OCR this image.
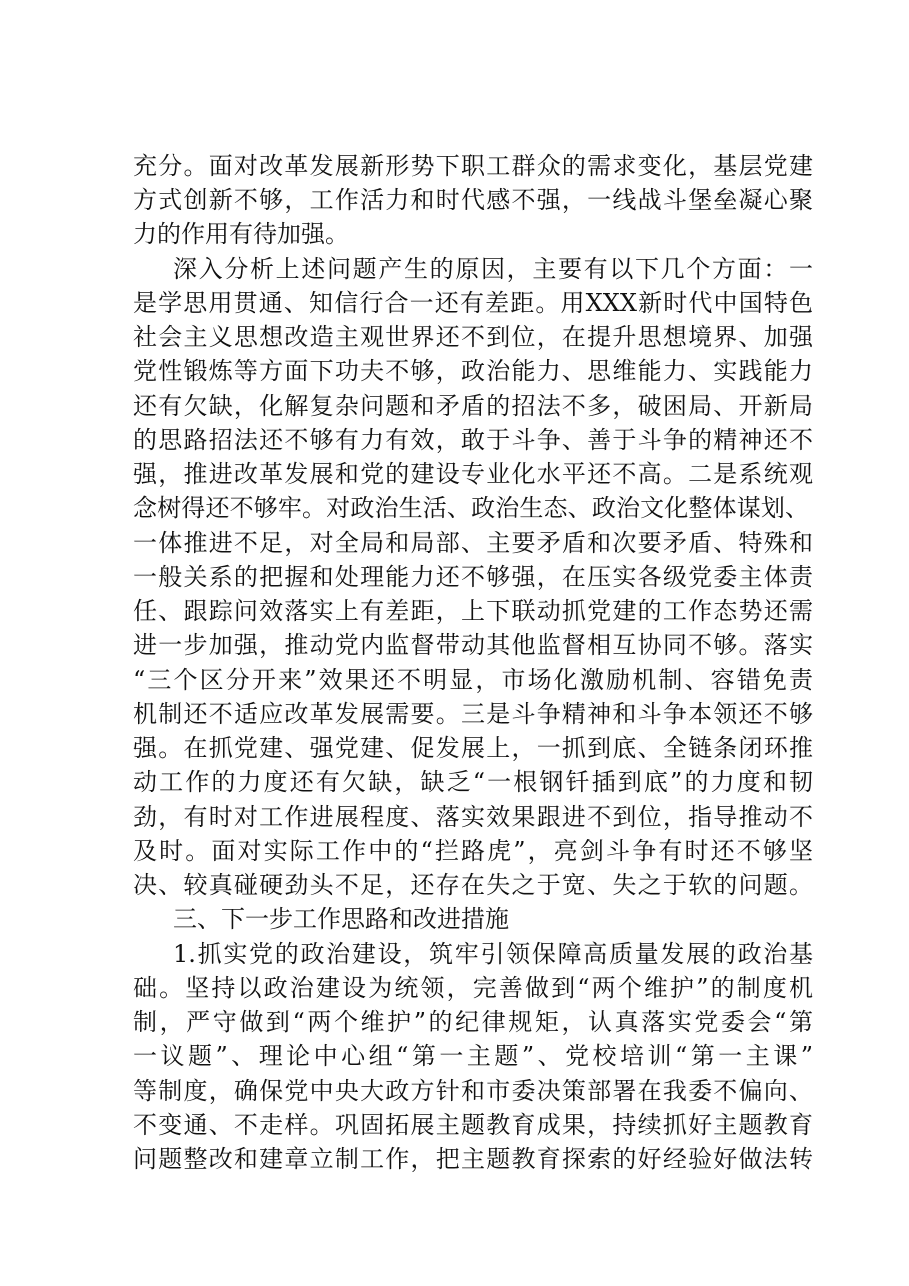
充分。面对改革发展新形势下职工群众的需求变化，基层党建
方式创新不够，工作活力和时代感不强，一线战斗堡垒凝心聚
力的作用有待加强。
深入分析上述问题产生的原因，主要有以下几个方面：一
是学思用贯通、知信行合一还有差距。用XXX新时代中国特色
社会主义思想改造主观世界还不到位，在提升思想境界、加强
党性锻炼等方面下功夫不够，政治能力、思维能力、实践能力
还有欠缺，化解复杂问题和矛盾的招法不多，破困局、开新局
的思路招法还不够有力有效，敢于斗争、善于斗争的精神还不
强，推进改革发展和党的建设专业化水平还不高。二是系统观
念树得还不够牢。对政治生活、政治生态、政治文化整体谋划、
一体推进不足，对全局和局部、主要矛盾和次要矛盾、特殊和
一般关系的把握和处理能力还不够强，在压实各级党委主体责
任、跟踪问效落实上有差距，上下联动抓党建的工作态势还需
进一步加强，推动党内监督带动其他监督相互协同不够。落实
“三个区分开来”效果还不明显，市场化激励机制、容错免责
机制还不适应改革发展需要。三是斗争精神和斗争本领还不够
强。在抓党建、强党建、促发展上，一抓到底、全链条闭环推
动工作的力度还有欠缺，缺乏“一根钢钎插到底”的力度和韧
劲，有时对工作进展程度、落实效果跟进不到位，指导推动不
及时。面对实际工作中的“拦路虎”，亮剑斗争有时还不够坚
决、较真碰硬劲头不足，还存在失之于宽、失之于软的问题。
三、下一步工作思路和改进措施
1.抓实党的政治建设，筑牢引领保障高质量发展的政治基
础。坚持以政治建设为统领，完善做到“两个维护”的制度机
制，严守做到“两个维护”的纪律规矩，认真落实党委会“第
一议题”、理论中心组“第一主题”、党校培训“第一主课”
等制度，确保党中央大政方针和市委决策部署在我委不偏向、
不变通、不走样。巩固拓展主题教育成果，持续抓好主题教育
问题整改和建章立制工作，把主题教育探索的好经验好做法转
